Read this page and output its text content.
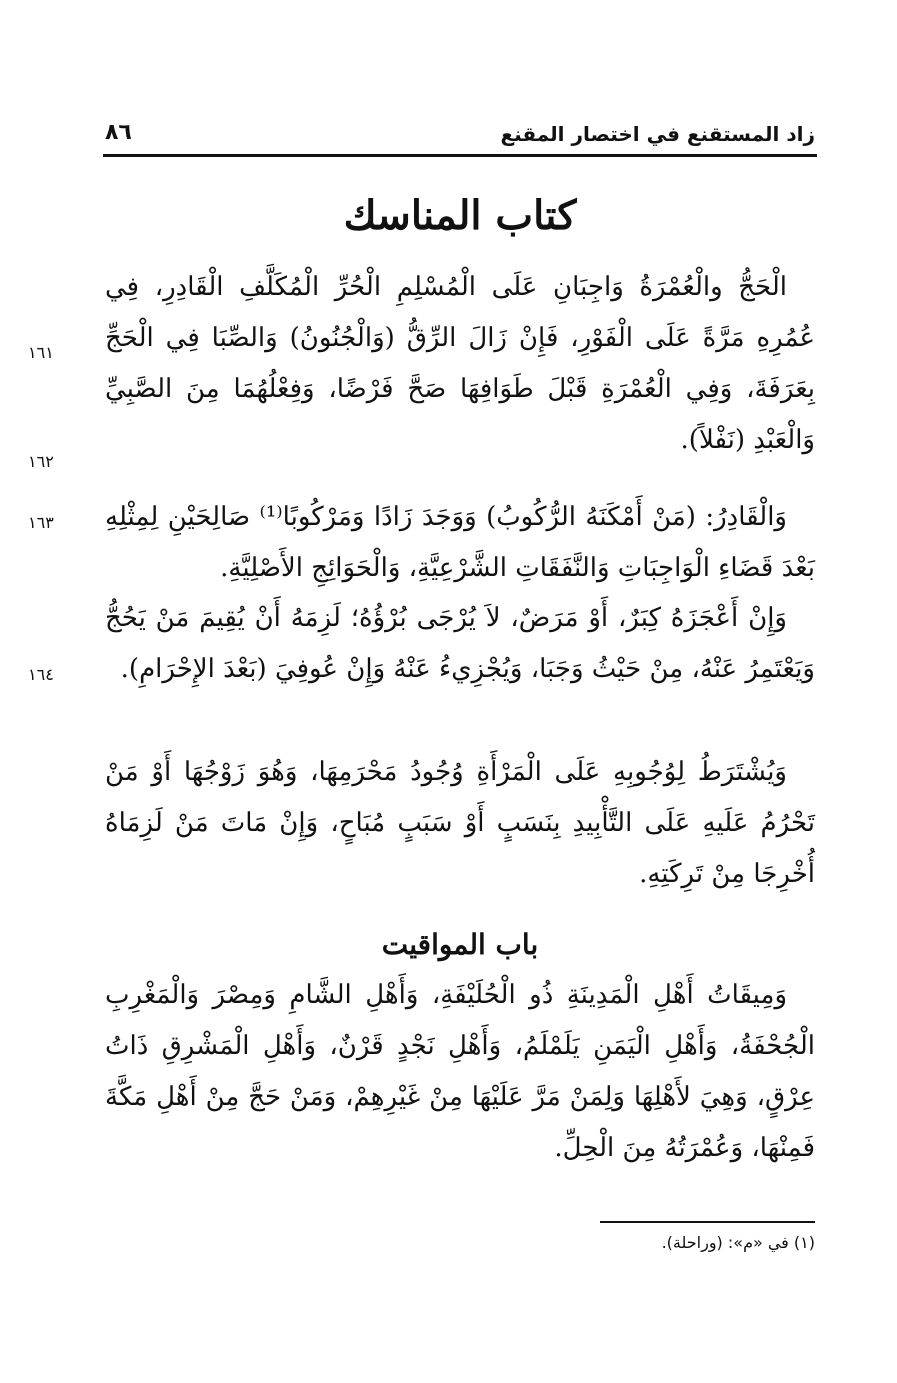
زاد المستقنع في اختصار المقنع
٨٦
كتاب المناسك

الْحَجُّ والْعُمْرَةُ وَاجِبَانِ عَلَى الْمُسْلِمِ الْحُرِّ الْمُكَلَّفِ الْقَادِرِ، فِي عُمُرِهِ مَرَّةً عَلَى الْفَوْرِ، فَإِنْ زَالَ الرِّقُّ (وَالْجُنُونُ) وَالصِّبَا فِي الْحَجِّ بِعَرَفَةَ، وَفِي الْعُمْرَةِ قَبْلَ طَوَافِهَا صَحَّ فَرْضًا، وَفِعْلُهُمَا مِنَ الصَّبِيِّ وَالْعَبْدِ (نَفْلاً).

وَالْقَادِرُ: (مَنْ أَمْكَنَهُ الرُّكُوبُ) وَوَجَدَ زَادًا وَمَرْكُوبًا⁽¹⁾ صَالِحَيْنِ لِمِثْلِهِ بَعْدَ قَضَاءِ الْوَاجِبَاتِ وَالنَّفَقَاتِ الشَّرْعِيَّةِ، وَالْحَوَائِجِ الأَصْلِيَّةِ.

وَإِنْ أَعْجَزَهُ كِبَرٌ، أَوْ مَرَضٌ، لاَ يُرْجَى بُرْؤُهُ؛ لَزِمَهُ أَنْ يُقِيمَ مَنْ يَحُجُّ وَيَعْتَمِرُ عَنْهُ، مِنْ حَيْثُ وَجَبَا، وَيُجْزِيءُ عَنْهُ وَإِنْ عُوفِيَ (بَعْدَ الإِحْرَامِ).

وَيُشْتَرَطُ لِوُجُوبِهِ عَلَى الْمَرْأَةِ وُجُودُ مَحْرَمِهَا، وَهُوَ زَوْجُهَا أَوْ مَنْ تَحْرُمُ عَلَيهِ عَلَى التَّأْبِيدِ بِنَسَبٍ أَوْ سَبَبٍ مُبَاحٍ، وَإِنْ مَاتَ مَنْ لَزِمَاهُ أُخْرِجَا مِنْ تَرِكَتِهِ.

باب المواقيت

وَمِيقَاتُ أَهْلِ الْمَدِينَةِ ذُو الْحُلَيْفَةِ، وَأَهْلِ الشَّامِ وَمِصْرَ وَالْمَغْرِبِ الْجُحْفَةُ، وَأَهْلِ الْيَمَنِ يَلَمْلَمُ، وَأَهْلِ نَجْدٍ قَرْنٌ، وَأَهْلِ الْمَشْرِقِ ذَاتُ عِرْقٍ، وَهِيَ لأَهْلِهَا وَلِمَنْ مَرَّ عَلَيْهَا مِنْ غَيْرِهِمْ، وَمَنْ حَجَّ مِنْ أَهْلِ مَكَّةَ فَمِنْهَا، وَعُمْرَتُهُ مِنَ الْحِلِّ.

١٦١
١٦٢
١٦٣
١٦٤
(١) في «م»: (وراحلة).
